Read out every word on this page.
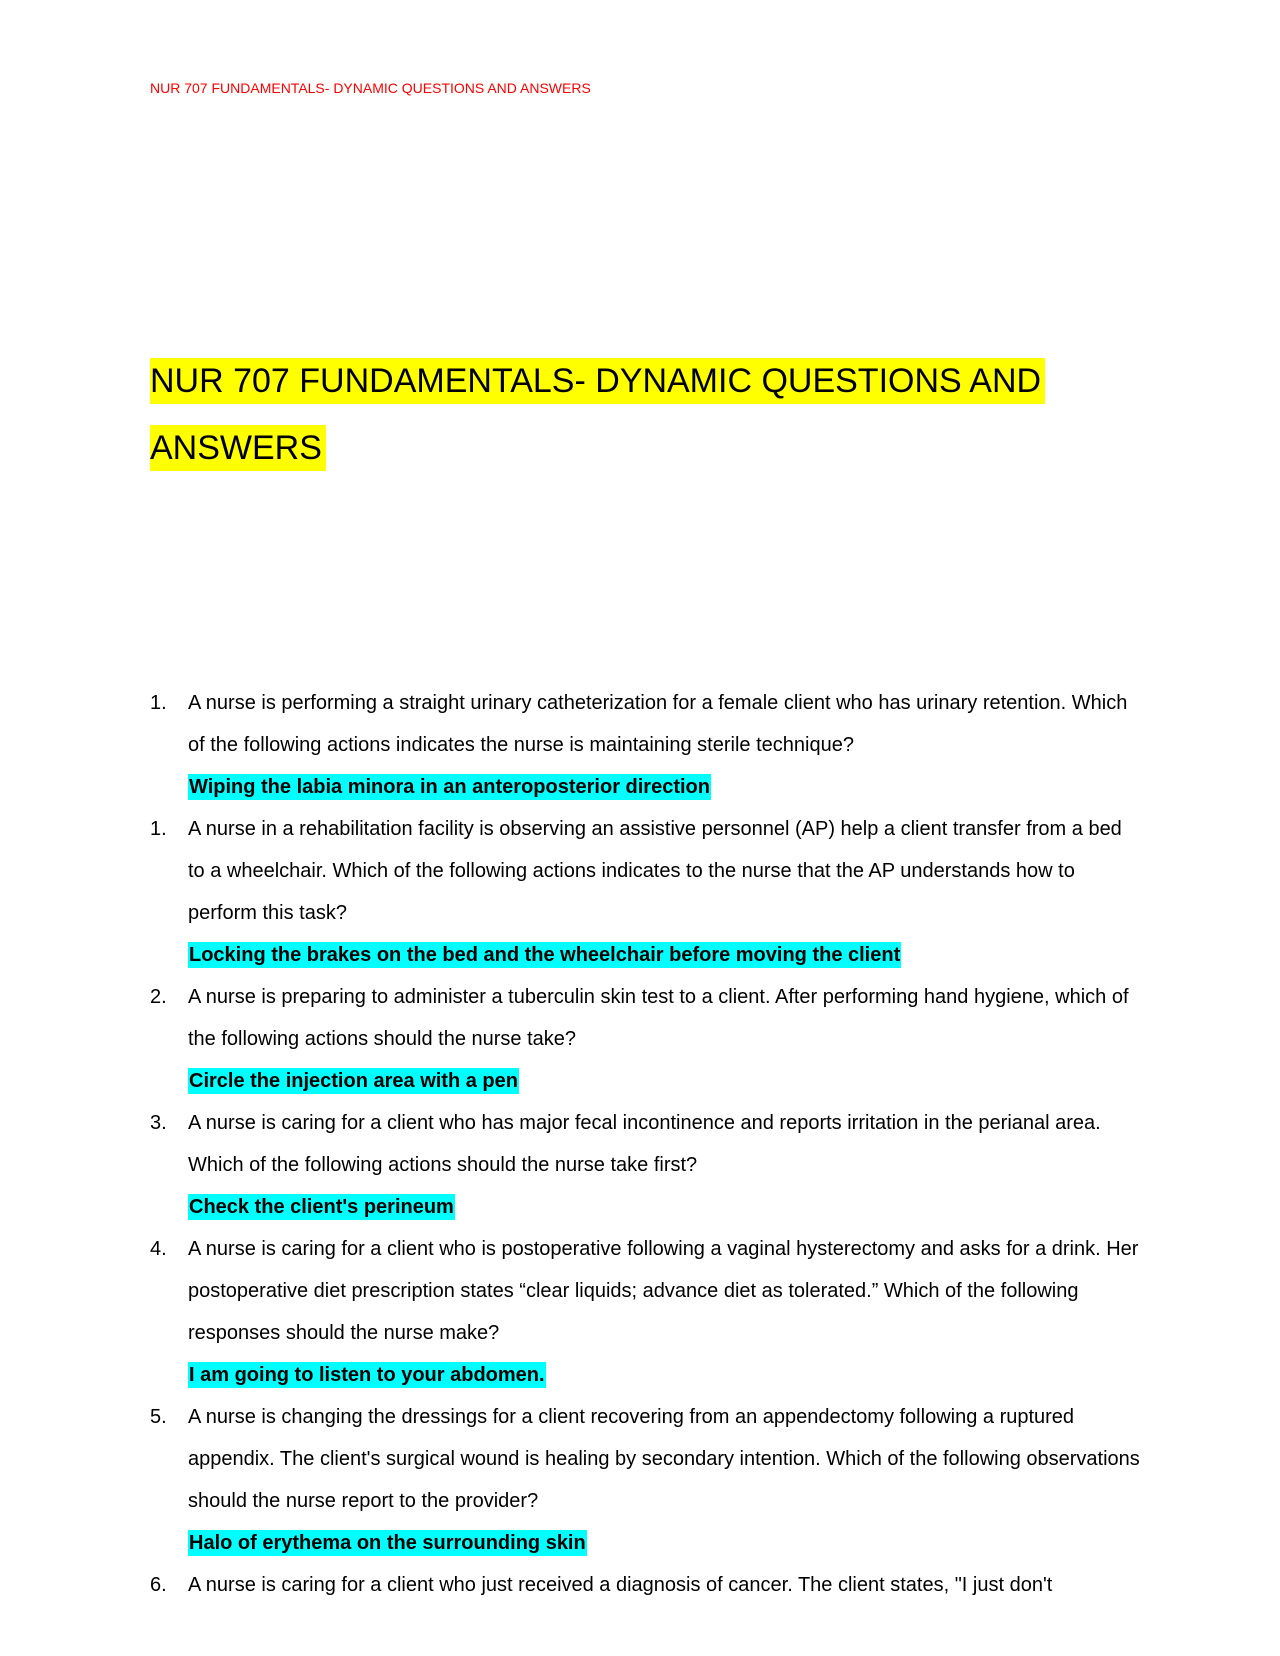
NUR 707 FUNDAMENTALS- DYNAMIC QUESTIONS AND ANSWERS
NUR 707 FUNDAMENTALS- DYNAMIC QUESTIONS AND
ANSWERS
1.	A nurse is performing a straight urinary catheterization for a female client who has urinary retention. Which of the following actions indicates the nurse is maintaining sterile technique?
Wiping the labia minora in an anteroposterior direction
1.	A nurse in a rehabilitation facility is observing an assistive personnel (AP) help a client transfer from a bed to a wheelchair. Which of the following actions indicates to the nurse that the AP understands how to perform this task?
Locking the brakes on the bed and the wheelchair before moving the client
2.	A nurse is preparing to administer a tuberculin skin test to a client. After performing hand hygiene, which of the following actions should the nurse take?
Circle the injection area with a pen
3.	A nurse is caring for a client who has major fecal incontinence and reports irritation in the perianal area. Which of the following actions should the nurse take first?
Check the client's perineum
4.	A nurse is caring for a client who is postoperative following a vaginal hysterectomy and asks for a drink. Her postoperative diet prescription states “clear liquids; advance diet as tolerated.” Which of the following responses should the nurse make?
I am going to listen to your abdomen.
5.	A nurse is changing the dressings for a client recovering from an appendectomy following a ruptured appendix. The client's surgical wound is healing by secondary intention. Which of the following observations should the nurse report to the provider?
Halo of erythema on the surrounding skin
6.	A nurse is caring for a client who just received a diagnosis of cancer. The client states, "I just don't
